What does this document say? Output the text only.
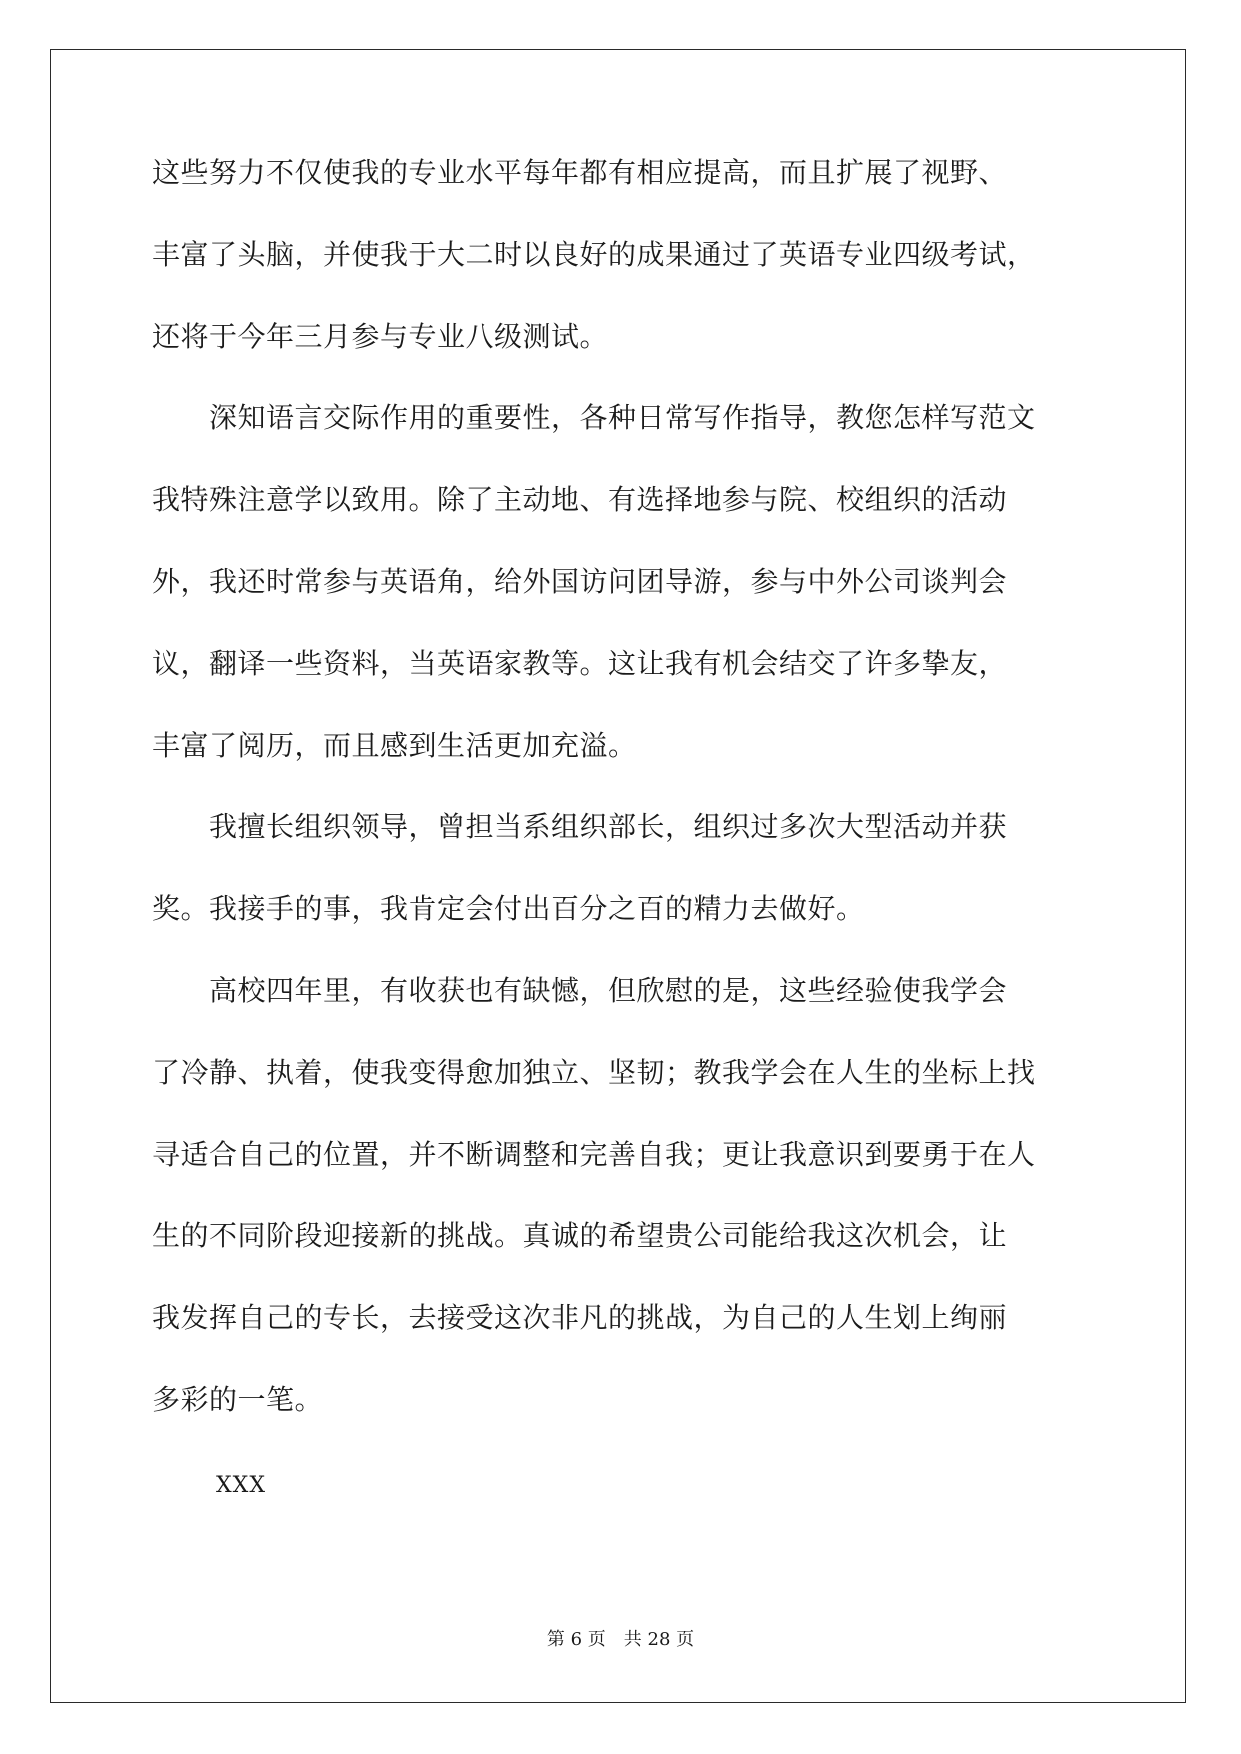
这些努力不仅使我的专业水平每年都有相应提高，而且扩展了视野、
丰富了头脑，并使我于大二时以良好的成果通过了英语专业四级考试，
还将于今年三月参与专业八级测试。
　　深知语言交际作用的重要性，各种日常写作指导，教您怎样写范文
我特殊注意学以致用。除了主动地、有选择地参与院、校组织的活动
外，我还时常参与英语角，给外国访问团导游，参与中外公司谈判会
议，翻译一些资料，当英语家教等。这让我有机会结交了许多挚友，
丰富了阅历，而且感到生活更加充溢。
　　我擅长组织领导，曾担当系组织部长，组织过多次大型活动并获
奖。我接手的事，我肯定会付出百分之百的精力去做好。
　　高校四年里，有收获也有缺憾，但欣慰的是，这些经验使我学会
了冷静、执着，使我变得愈加独立、坚韧；教我学会在人生的坐标上找
寻适合自己的位置，并不断调整和完善自我；更让我意识到要勇于在人
生的不同阶段迎接新的挑战。真诚的希望贵公司能给我这次机会，让
我发挥自己的专长，去接受这次非凡的挑战，为自己的人生划上绚丽
多彩的一笔。
XXX
第 6 页　共 28 页
